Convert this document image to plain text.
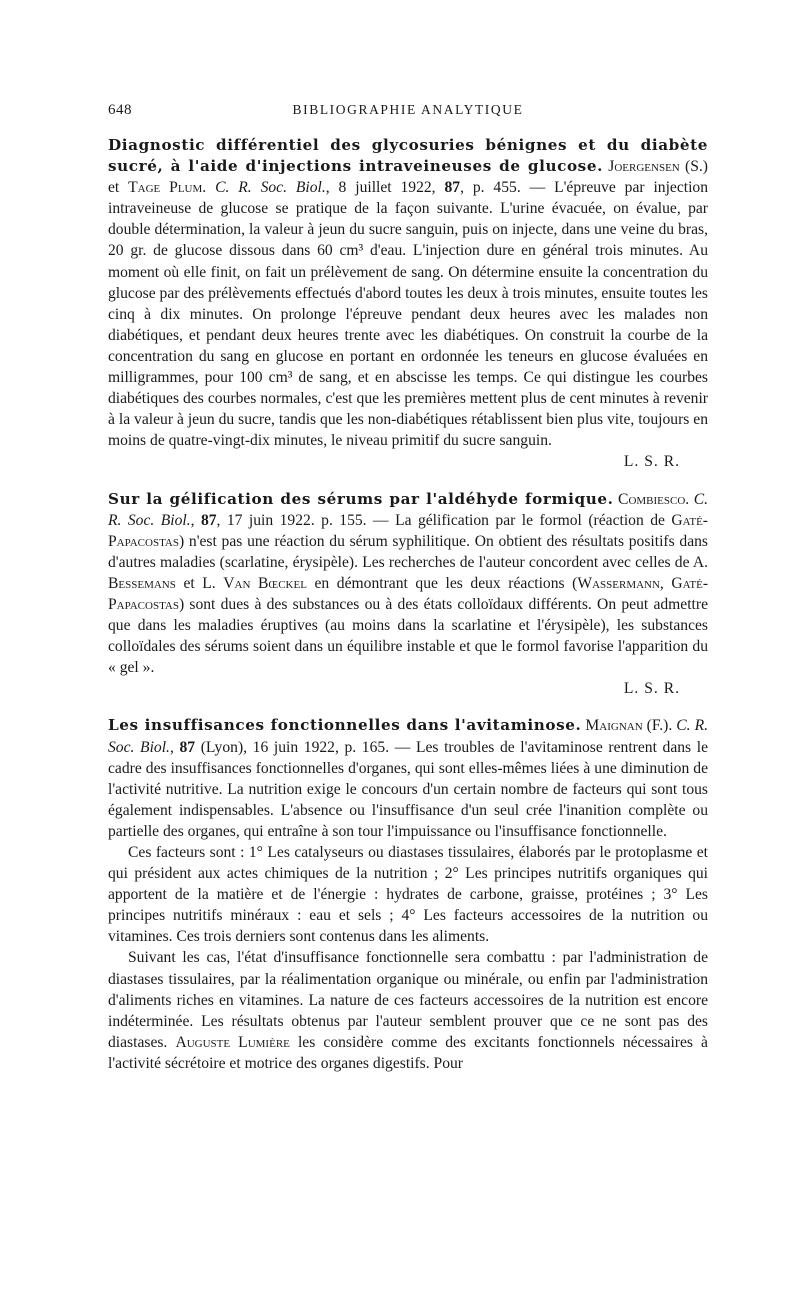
648	BIBLIOGRAPHIE ANALYTIQUE

Diagnostic différentiel des glycosuries bénignes et du diabète sucré, à l'aide d'injections intraveineuses de glucose. Joergensen (S.) et Tage Plum. C. R. Soc. Biol., 8 juillet 1922, 87, p. 455. — L'épreuve par injection intraveineuse de glucose se pratique de la façon suivante. L'urine évacuée, on évalue, par double détermination, la valeur à jeun du sucre sanguin, puis on injecte, dans une veine du bras, 20 gr. de glucose dissous dans 60 cm³ d'eau. L'injection dure en général trois minutes. Au moment où elle finit, on fait un prélèvement de sang. On détermine ensuite la concentration du glucose par des prélèvements effectués d'abord toutes les deux à trois minutes, ensuite toutes les cinq à dix minutes. On prolonge l'épreuve pendant deux heures avec les malades non diabétiques, et pendant deux heures trente avec les diabétiques. On construit la courbe de la concentration du sang en glucose en portant en ordonnée les teneurs en glucose évaluées en milligrammes, pour 100 cm³ de sang, et en abscisse les temps. Ce qui distingue les courbes diabétiques des courbes normales, c'est que les premières mettent plus de cent minutes à revenir à la valeur à jeun du sucre, tandis que les non-diabétiques rétablissent bien plus vite, toujours en moins de quatre-vingt-dix minutes, le niveau primitif du sucre sanguin.

L. S. R.

Sur la gélification des sérums par l'aldéhyde formique. Combiesco. C. R. Soc. Biol., 87, 17 juin 1922. p. 155. — La gélification par le formol (réaction de Gaté-Papacostas) n'est pas une réaction du sérum syphilitique. On obtient des résultats positifs dans d'autres maladies (scarlatine, érysipèle). Les recherches de l'auteur concordent avec celles de A. Bessemans et L. Van Bœckel en démontrant que les deux réactions (Wassermann, Gaté-Papacostas) sont dues à des substances ou à des états colloïdaux différents. On peut admettre que dans les maladies éruptives (au moins dans la scarlatine et l'érysipèle), les substances colloïdales des sérums soient dans un équilibre instable et que le formol favorise l'apparition du « gel ».

L. S. R.

Les insuffisances fonctionnelles dans l'avitaminose. Maignan (F.). C. R. Soc. Biol., 87 (Lyon), 16 juin 1922, p. 165. — Les troubles de l'avitaminose rentrent dans le cadre des insuffisances fonctionnelles d'organes, qui sont elles-mêmes liées à une diminution de l'activité nutritive. La nutrition exige le concours d'un certain nombre de facteurs qui sont tous également indispensables. L'absence ou l'insuffisance d'un seul crée l'inanition complète ou partielle des organes, qui entraîne à son tour l'impuissance ou l'insuffisance fonctionnelle.

Ces facteurs sont : 1° Les catalyseurs ou diastases tissulaires, élaborés par le protoplasme et qui président aux actes chimiques de la nutrition ; 2° Les principes nutritifs organiques qui apportent de la matière et de l'énergie : hydrates de carbone, graisse, protéines ; 3° Les principes nutritifs minéraux : eau et sels ; 4° Les facteurs accessoires de la nutrition ou vitamines. Ces trois derniers sont contenus dans les aliments.

Suivant les cas, l'état d'insuffisance fonctionnelle sera combattu : par l'administration de diastases tissulaires, par la réalimentation organique ou minérale, ou enfin par l'administration d'aliments riches en vitamines. La nature de ces facteurs accessoires de la nutrition est encore indéterminée. Les résultats obtenus par l'auteur semblent prouver que ce ne sont pas des diastases. Auguste Lumière les considère comme des excitants fonctionnels nécessaires à l'activité sécrétoire et motrice des organes digestifs. Pour
